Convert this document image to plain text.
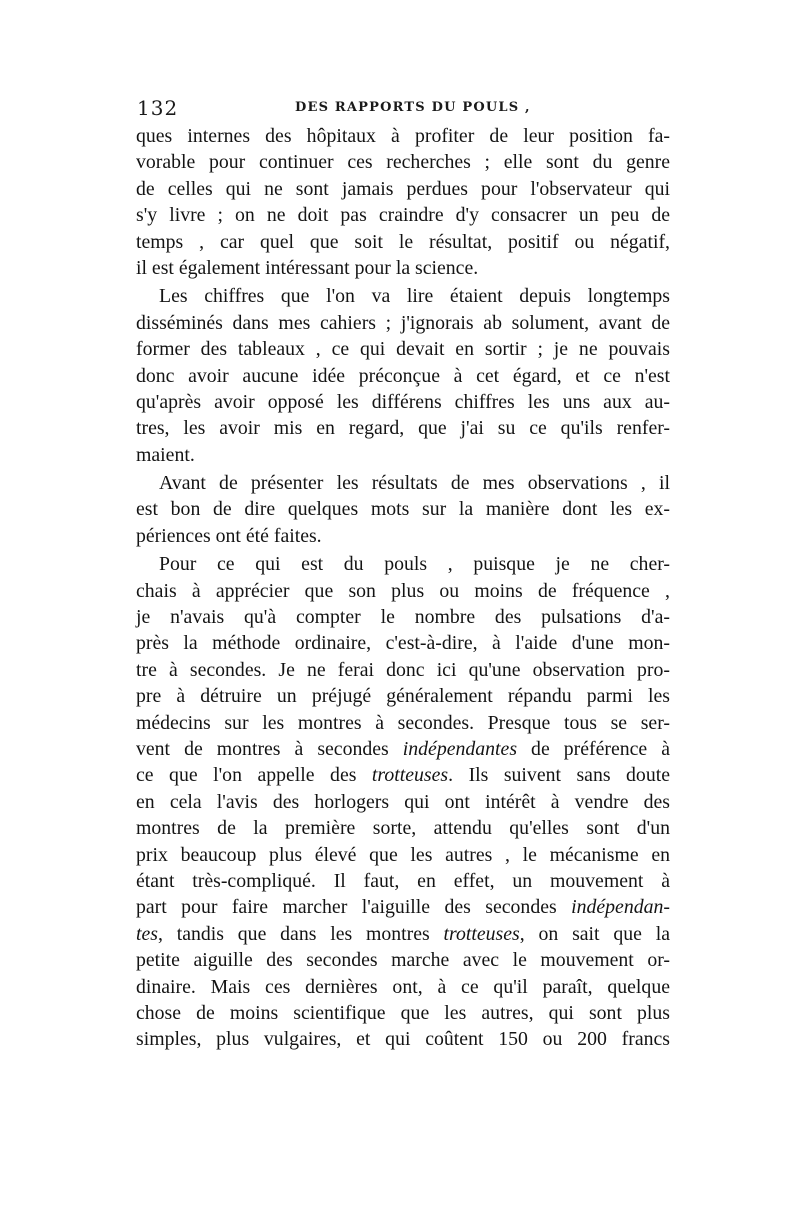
132	DES RAPPORTS DU POULS ,
ques internes des hôpitaux à profiter de leur position fa-
vorable pour continuer ces recherches ; elle sont du genre
de celles qui ne sont jamais perdues pour l'observateur qui
s'y livre ; on ne doit pas craindre d'y consacrer un peu de
temps , car quel que soit le résultat, positif ou négatif,
il est également intéressant pour la science.
Les chiffres que l'on va lire étaient depuis longtemps
disséminés dans mes cahiers ; j'ignorais ab solument, avant de
former des tableaux , ce qui devait en sortir ; je ne pouvais
donc avoir aucune idée préconçue à cet égard, et ce n'est
qu'après avoir opposé les différens chiffres les uns aux au-
tres, les avoir mis en regard, que j'ai su ce qu'ils renfer-
maient.
Avant de présenter les résultats de mes observations , il
est bon de dire quelques mots sur la manière dont les ex-
périences ont été faites.
Pour ce qui est du pouls , puisque je ne cher-
chais à apprécier que son plus ou moins de fréquence ,
je n'avais qu'à compter le nombre des pulsations d'a-
près la méthode ordinaire, c'est-à-dire, à l'aide d'une mon-
tre à secondes. Je ne ferai donc ici qu'une observation pro-
pre à détruire un préjugé généralement répandu parmi les
médecins sur les montres à secondes. Presque tous se ser-
vent de montres à secondes indépendantes de préférence à
ce que l'on appelle des trotteuses. Ils suivent sans doute
en cela l'avis des horlogers qui ont intérêt à vendre des
montres de la première sorte, attendu qu'elles sont d'un
prix beaucoup plus élevé que les autres , le mécanisme en
étant très-compliqué. Il faut, en effet, un mouvement à
part pour faire marcher l'aiguille des secondes indépendan-
tes, tandis que dans les montres trotteuses, on sait que la
petite aiguille des secondes marche avec le mouvement or-
dinaire. Mais ces dernières ont, à ce qu'il paraît, quelque
chose de moins scientifique que les autres, qui sont plus
simples, plus vulgaires, et qui coûtent 150 ou 200 francs
